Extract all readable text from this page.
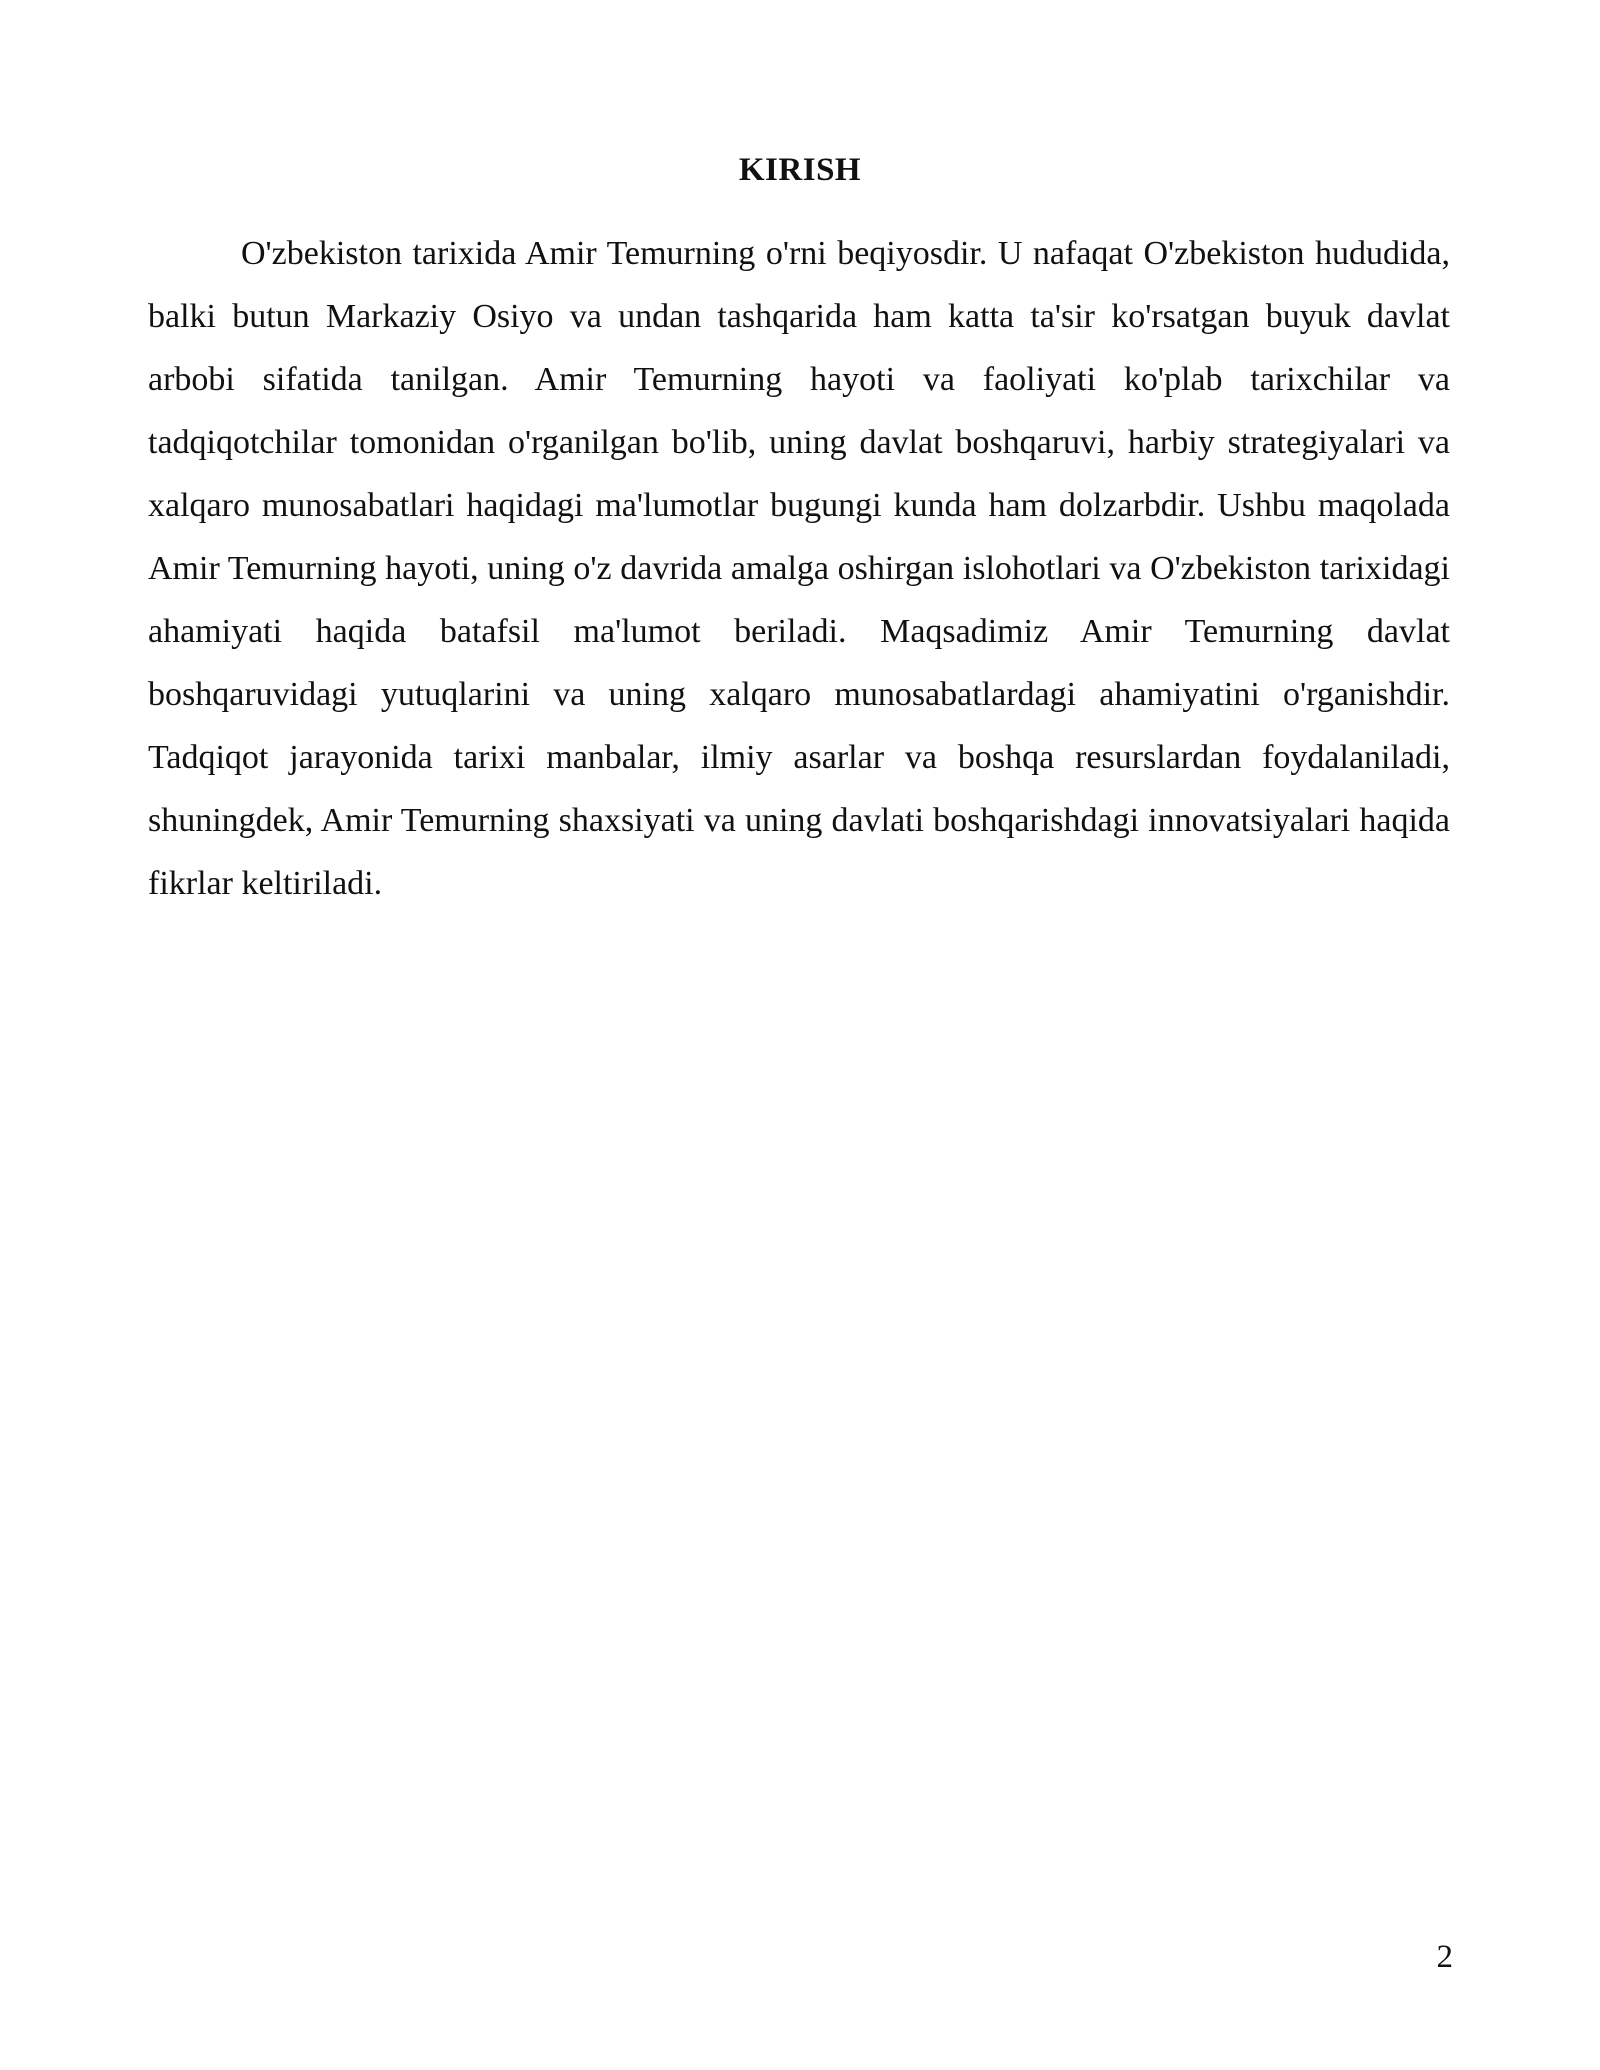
KIRISH

O'zbekiston tarixida Amir Temurning o'rni beqiyosdir. U nafaqat O'zbekiston hududida, balki butun Markaziy Osiyo va undan tashqarida ham katta ta'sir ko'rsatgan buyuk davlat arbobi sifatida tanilgan. Amir Temurning hayoti va faoliyati ko'plab tarixchilar va tadqiqotchilar tomonidan o'rganilgan bo'lib, uning davlat boshqaruvi, harbiy strategiyalari va xalqaro munosabatlari haqidagi ma'lumotlar bugungi kunda ham dolzarbdir. Ushbu maqolada Amir Temurning hayoti, uning o'z davrida amalga oshirgan islohotlari va O'zbekiston tarixidagi ahamiyati haqida batafsil ma'lumot beriladi. Maqsadimiz Amir Temurning davlat boshqaruvidagi yutuqlarini va uning xalqaro munosabatlardagi ahamiyatini o'rganishdir. Tadqiqot jarayonida tarixi manbalar, ilmiy asarlar va boshqa resurslardan foydalaniladi, shuningdek, Amir Temurning shaxsiyati va uning davlati boshqarishdagi innovatsiyalari haqida fikrlar keltiriladi.

2
